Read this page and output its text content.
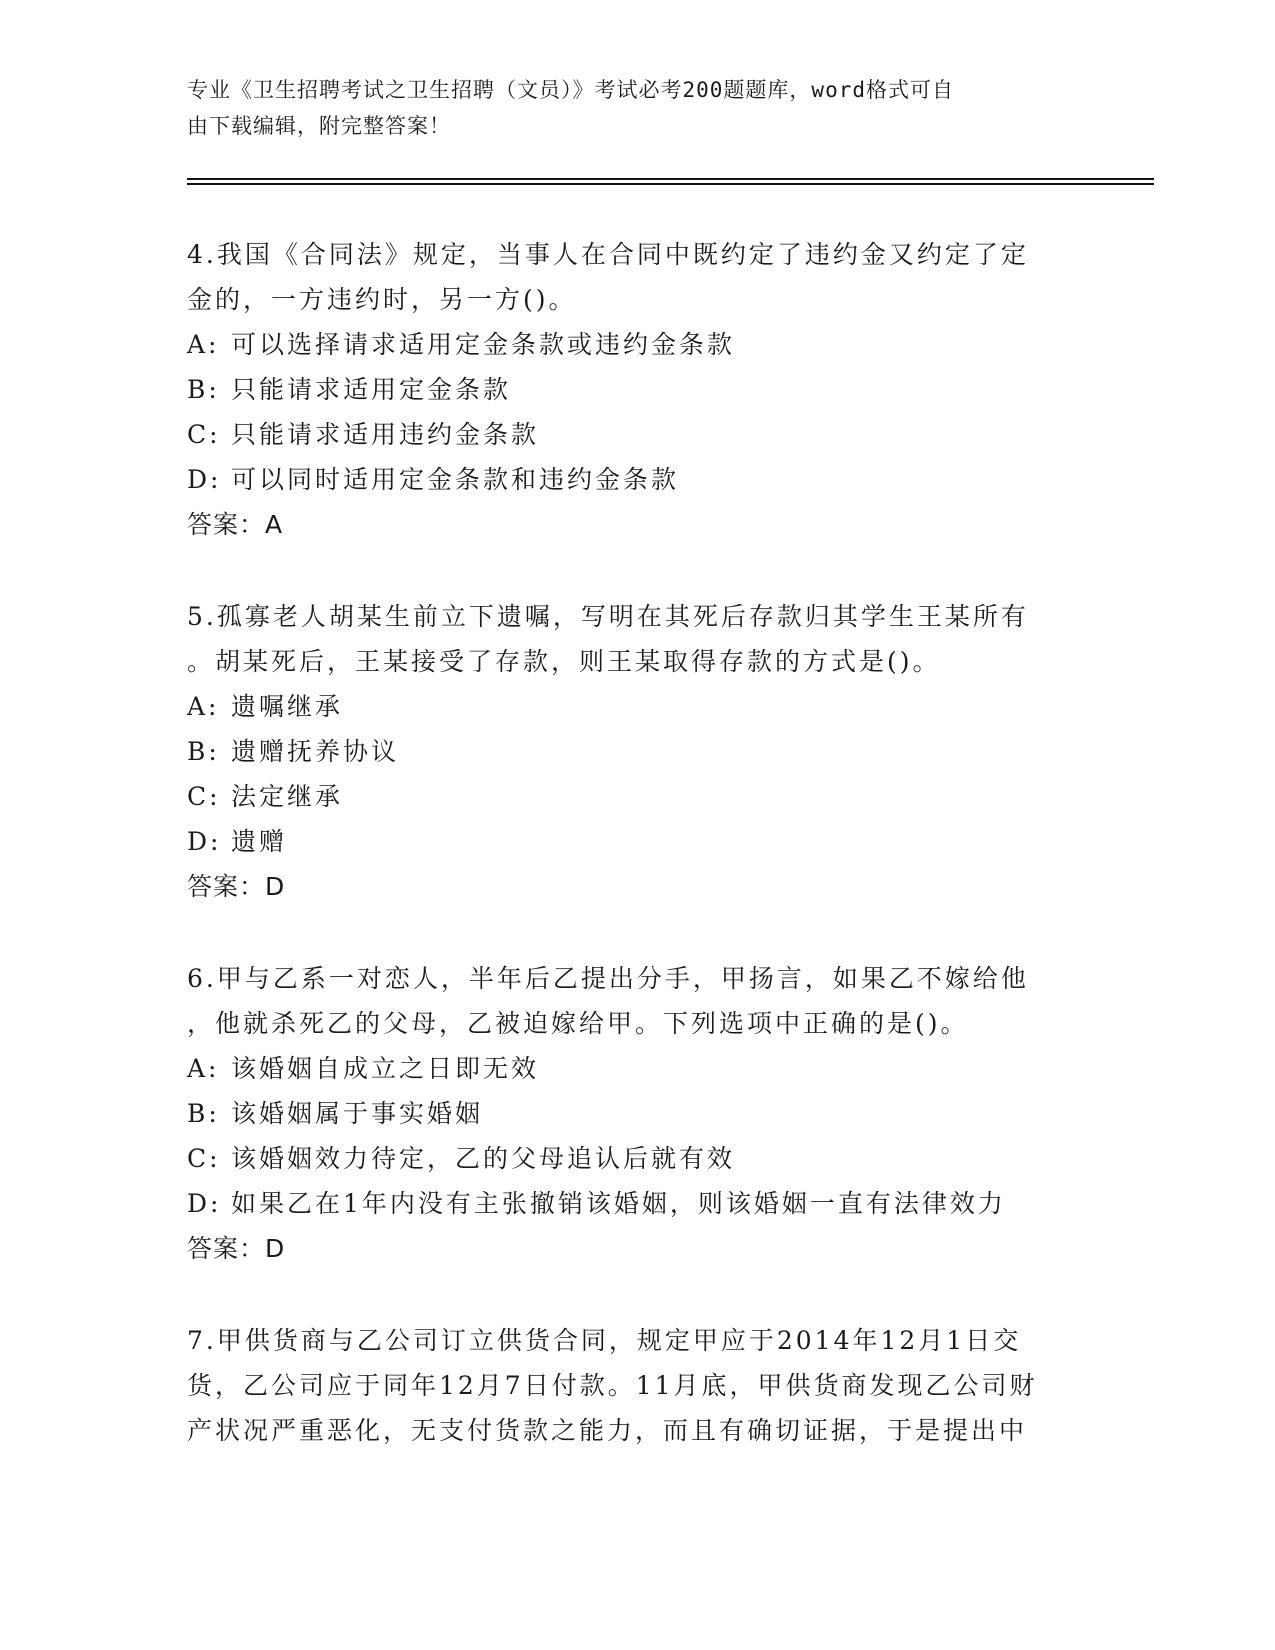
专业《卫生招聘考试之卫生招聘（文员）》考试必考200题题库，word格式可自
由下载编辑，附完整答案！

4.我国《合同法》规定，当事人在合同中既约定了违约金又约定了定

金的，一方违约时，另一方()。

A: 可以选择请求适用定金条款或违约金条款

B: 只能请求适用定金条款

C: 只能请求适用违约金条款

D: 可以同时适用定金条款和违约金条款

答案：A

5.孤寡老人胡某生前立下遗嘱，写明在其死后存款归其学生王某所有

。胡某死后，王某接受了存款，则王某取得存款的方式是()。

A: 遗嘱继承

B: 遗赠抚养协议

C: 法定继承

D: 遗赠

答案：D

6.甲与乙系一对恋人，半年后乙提出分手，甲扬言，如果乙不嫁给他

，他就杀死乙的父母，乙被迫嫁给甲。下列选项中正确的是()。

A: 该婚姻自成立之日即无效

B: 该婚姻属于事实婚姻

C: 该婚姻效力待定，乙的父母追认后就有效

D: 如果乙在1年内没有主张撤销该婚姻，则该婚姻一直有法律效力

答案：D

7.甲供货商与乙公司订立供货合同，规定甲应于2014年12月1日交

货，乙公司应于同年12月7日付款。11月底，甲供货商发现乙公司财

产状况严重恶化，无支付货款之能力，而且有确切证据，于是提出中
